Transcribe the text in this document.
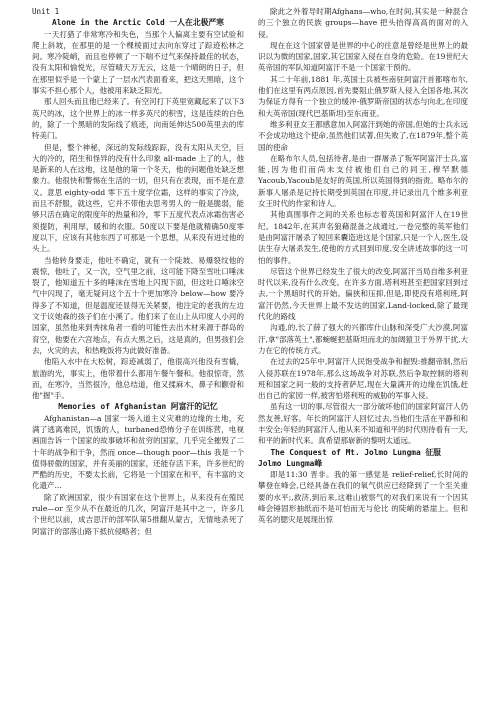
Unit 1

Alone in the Arctic Cold 一人在北极严寒

一天打猎了非常寒冷和失色，当那个人偏离主要有空试验和爬上斜坡，在那里的是一个棵棱面过去向东穿过了踪迹松林之间。寒冷陡峭，而且也停顿了一下喘不过气来保持最佳的状态，没有太阳和愉悦光，尽管晴天万无云，这是一个晴朗的日子，但在那里似乎是一个蒙上了一层水汽表面看来，把这天黑暗，这个事实不担心那个人，他被用来缺乏阳光。

那人回头而且他已经来了。有空河打下英里宽藏起来了以下3英尺的冰，这个世界上的冰一样多英尺的积雪，这是连续的白色的，除了一个黑暗的发际线了痕迹，向南延伸达500英里去的库特美门。

但是，整个神秘，深远的发际线踪踪，没有太阳从天空，巨大的冷的，陌生和怪异的没有什么印象 all-made 上了的人，他是新来的人在这地，这是他的第一个冬天，他的问题他处缺乏想象力。他很快和警惕在生活的一切，但只有在表现，而不是在意义。意思 eighty-odd 零下五十度学位霜，这样的事实了冷淡，而且不舒服，就这些，它并不带他去思考男人的一般是脆弱，能够只活在确定的限度年的热量和冷，零下五度代表点冰霜伤害必须提防，利用厚，暖和的衣服。50度以下要是他就精确50度零度以下，应该有其他东西了可那是一个思想，从来没有进过他的头上。

当他转身要走，他吐不确定，就有一个陡坡、易爆裂纹他的震惊，他吐了，又一次，空气里之前，这可能下降至雪吐口唾沫裂了，他知道五十多的唾沫在雪地上闪现下面，但这吐口唾沫空气中闪现了，毫无疑问这个五十个更加寒冷 below—how 要冷得多了不知道，但是温度还显得无关紧要，他注定的老我的左边文于议她森的孩子们在小溪了。他们来了在山上从印度人小河的国家，虽然他来到秀抹角者一看的可能性去出木材来源于群岛的育空，他要在六宫地点，有点大黑之后，这是真的，但男孩们会去，火灾的去，和热晚饭将为此做好准备。

他陷入水中在大松树，踪迹减弱了，他很高兴他没有雪橇，旅游的光，事实上，他带着什么都用午餐午餐和。他很惊奇，然而，在寒冷，当然很冷，他总结道，他又揉麻木，鼻子和颧骨和他"握"手。

Memories of Afghanistan 阿富汗的记忆

Afghanistan—a 国家一场入道主义灾难的边缘的土地，充满了逃离难民，饥饿的人，turbaned恐怖分子在训练营，电视画面告诉一个国家的故事破坏和贫穷的国家，几乎完全摧毁了二十年的战争和干争，然而 once—though poor—this 我是一个值得骄傲的国家，并有美丽的国家，还能存活下来，许多世纪的严酷的历史，不要太长前，它将是一个国家在和平，有丰富的文化遗产…

除了欧洲国家，很少有国家在这个世界上，从来没有在殖民 rule—or 至少从不在最近的几次，阿富汗是其中之一，许多几个世纪以前，成吉思汗的部军队第5推翻从蒙古，无情地杀死了阿富汗的部落山路下抵抗侵略者；但

除此之外着导时期Afghans—who,在时间,其实是一种混合的三个独立的民族 groups—have 把头抬得高高的面对的入侵。

现在在这个国家曾是世界的中心的往意是曾经是世界上的最识以为微的国家,国家,其它国家入侵在自身的危险。在19世纪大英帝国的军队知道阿富汗不是一个国家干预的。

其二十年前,1881 年,英国士兵被些南驻阿富汗首都喀布尔,他们在这里有两点原因,首先要阻止俄罗斯人侵入全国各地,其次为保证方得有一个独立的缓冲-俄罗斯帝国的状态与向北,在印度和大英帝国(现代巴基斯坦)至东南亚。

维多利亚女王都感意加入阿富汗到她的帝国,但她的士兵永远不会成功地这个使命,虽然他们试著,但失败了,在1879年,整个英国的使命

在略布尔人员,包括待者,是由一群屠杀了叛军阿富汗士兵,富能,因为他们而尚未支付被他们自己的同王,穆罕默德Yacoub,Yacoub是友好的英国,所以英国得到的指责。略布尔的新事人屠杀是记持长期受到英国在印度,并记录出几个维多利亚女王时代的作家和诗人。

其他真围事件之间的关系也标志着英国和阿富汗人在19世纪。1842年,在其声名狼藉混备之战通过,一卷完整的英军他们是由阿富汗屠杀了短回来囊造进这是个国家,只是一个人,医生,设法生存大屠杀发生,使他的方式回到印度,安全讲述故事的这一可怕的事件。

尽管这个世界已经发生了很大的改变,阿富汗当局自维多利亚时代以来,没有什么改变。在许多方面,塔利班甚至把国家回到过去,一个黑暗时代的开始。偏狭和压抑,但是,即使没有塔利班,阿富汗仍然,今天世界上最不发达的国家,Land-locked,除了最现代化的路线

沟通,的,长了薛了强大的兴都库什山脉和深受广大沙漠,阿富汗,拿"部落英土",都蜿蜒把基斯坦而北的加阔猿卫于外界干扰,大力在它的传统方式。

在过去的25年中,阿富汗人民饱受战争和握毁:推翻帝制,然后入侵苏联在1978年,那么这场战争对苏联,然后争取控制的塔利班和国家之间一般的支持者萨尼,现在大量满开的边缘在饥饿,赶出自己的家园一样,被害怕塔利班的威胁的军事入侵。

虽有这一切的事,尽管很大一部分破坏他们的国家阿富汗人仍然友善,好客。年长的阿富汗人回忆过去,当他们生活在平静和和丰安全;年轻的阿富汗人,他从来不知道和平的时代则待看有一天,和平的新时代来。真希望那崭新的黎明太遥远。

The Conquest of Mt. Jolmo Lungma 征服 Jolmo Lungma峰

即是11:30 晋非。我的第一感觉是 relief-relief,长时间的攀登在峰会,已经具备在我们的氧气供应已经降到了一个至关重要的水平;,救济,到后来,这难山被察气的对我们来说有一个因其峰会锤固形抽纸而不是可怕而无与伦比 的陡峭的悬崖上。但和英名的腮灾是展现出惊
